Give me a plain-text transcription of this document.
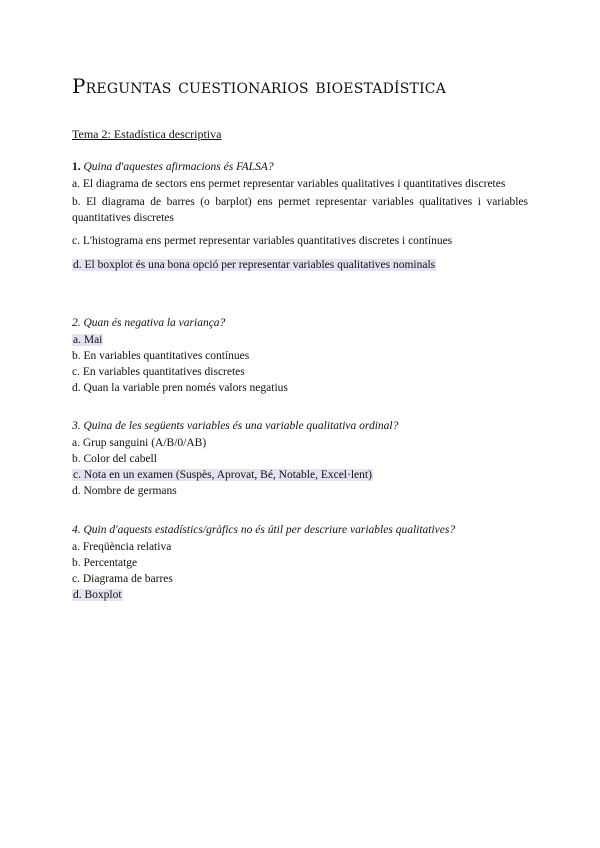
Preguntas cuestionarios bioestadística
Tema 2: Estadística descriptiva

1. Quina d'aquestes afirmacions és FALSA?

a. El diagrama de sectors ens permet representar variables qualitatives i quantitatives discretes

b. El diagrama de barres (o barplot) ens permet representar variables qualitatives i variables quantitatives discretes

c. L'histograma ens permet representar variables quantitatives discretes i contínues

d. El boxplot és una bona opció per representar variables qualitatives nominals

2. Quan és negativa la variança?

a. Mai

b. En variables quantitatives contínues

c. En variables quantitatives discretes

d. Quan la variable pren només valors negatius

3. Quina de les següents variables és una variable qualitativa ordinal?

a. Grup sanguini (A/B/0/AB)

b. Color del cabell

c. Nota en un examen (Suspès, Aprovat, Bé, Notable, Excel·lent)

d. Nombre de germans

4. Quin d'aquests estadístics/gràfics no és útil per descriure variables qualitatives?

a. Freqüència relativa

b. Percentatge

c. Diagrama de barres

d. Boxplot
